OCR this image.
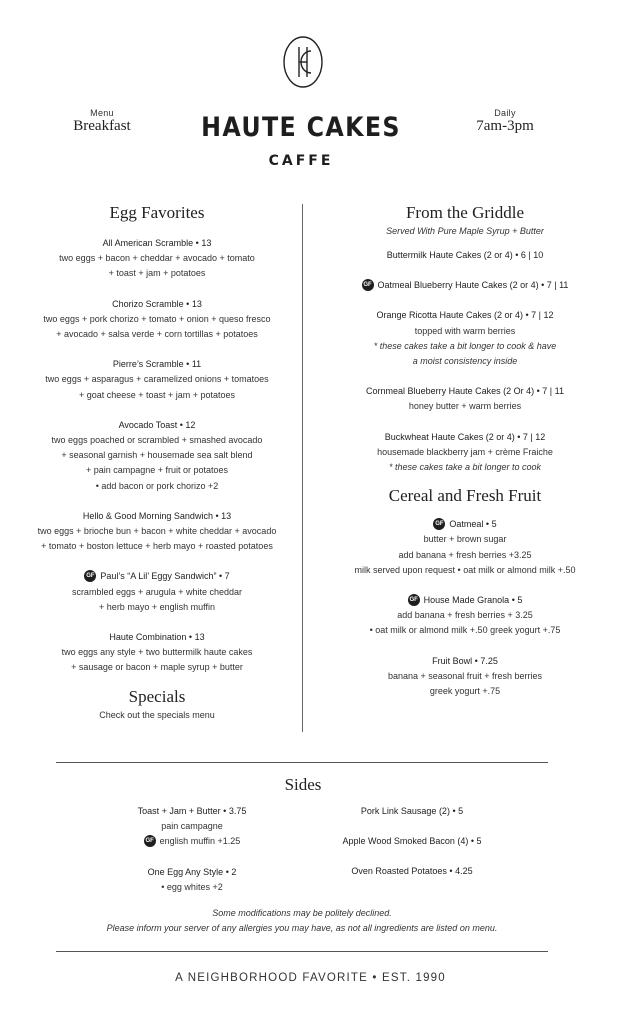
Menu
Breakfast
Daily
7am-3pm
HAUTE CAKES
CAFFE
Egg Favorites
All American Scramble • 13
two eggs + bacon + cheddar + avocado + tomato
+ toast + jam + potatoes
Chorizo Scramble • 13
two eggs + pork chorizo + tomato + onion + queso fresco
+ avocado + salsa verde + corn tortillas + potatoes
Pierre’s Scramble • 11
two eggs + asparagus + caramelized onions + tomatoes
+ goat cheese + toast + jam + potatoes
Avocado Toast • 12
two eggs poached or scrambled + smashed avocado
+ seasonal garnish + housemade sea salt blend
+ pain campagne + fruit or potatoes
• add bacon or pork chorizo +2
Hello & Good Morning Sandwich • 13
two eggs + brioche bun + bacon + white cheddar + avocado
+ tomato + boston lettuce + herb mayo + roasted potatoes
GF Paul’s “A Lil’ Eggy Sandwich” • 7
scrambled eggs + arugula + white cheddar
+ herb mayo + english muffin
Haute Combination • 13
two eggs any style + two buttermilk haute cakes
+ sausage or bacon + maple syrup + butter
Specials
Check out the specials menu
From the Griddle
Served With Pure Maple Syrup + Butter
Buttermilk Haute Cakes (2 or 4) • 6 | 10
GF Oatmeal Blueberry Haute Cakes (2 or 4) • 7 | 11
Orange Ricotta Haute Cakes (2 or 4) • 7 | 12
topped with warm berries
* these cakes take a bit longer to cook & have
a moist consistency inside
Cornmeal Blueberry Haute Cakes (2 Or 4) • 7 | 11
honey butter + warm berries
Buckwheat Haute Cakes (2 or 4) • 7 | 12
housemade blackberry jam + crème Fraiche
* these cakes take a bit longer to cook
Cereal and Fresh Fruit
GF Oatmeal • 5
butter + brown sugar
add banana + fresh berries +3.25
milk served upon request • oat milk or almond milk +.50
GF House Made Granola • 5
add banana + fresh berries + 3.25
• oat milk or almond milk +.50 greek yogurt +.75
Fruit Bowl • 7.25
banana + seasonal fruit + fresh berries
greek yogurt +.75
Sides
Toast + Jam + Butter • 3.75
pain campagne
GF english muffin +1.25
One Egg Any Style • 2
• egg whites +2
Pork Link Sausage (2) • 5
Apple Wood Smoked Bacon (4) • 5
Oven Roasted Potatoes • 4.25
Some modifications may be politely declined.
Please inform your server of any allergies you may have, as not all ingredients are listed on menu.
A NEIGHBORHOOD FAVORITE • EST. 1990
